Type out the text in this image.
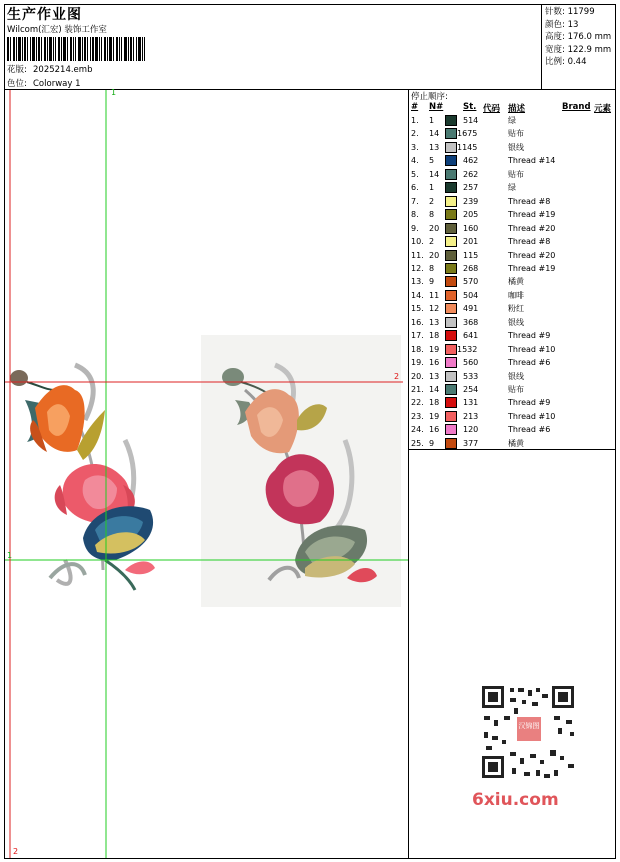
生产作业图
Wilcom(汇宏) 装饰工作室
花版: 2025214.emb
色位: Colorway 1
针数: 11799
颜色: 13
高度: 176.0 mm
宽度: 122.9 mm
比例: 0.44
1
2
2
1
停止顺序:
# N# St. 代码 描述	Brand 元素
1. 1	514	绿
2. 14 1675	贴布
3. 13 1145	银线
4. 5	462	Thread #14
5. 14	262	贴布
6. 1	257	绿
7. 2	239	Thread #8
8. 8	205	Thread #19
9. 20	160	Thread #20
10. 2	201	Thread #8
11. 20	115	Thread #20
12. 8	268	Thread #19
13. 9	570	橘黄
14. 11	504	咖啡
15. 12	491	粉红
16. 13	368	银线
17. 18	641	Thread #9
18. 19 1532	Thread #10
19. 16	560	Thread #6
20. 13	533	银线
21. 14	254	贴布
22. 18	131	Thread #9
23. 19	213	Thread #10
24. 16	120	Thread #6
25. 9	377	橘黄
汉锦图
6xiu.com
